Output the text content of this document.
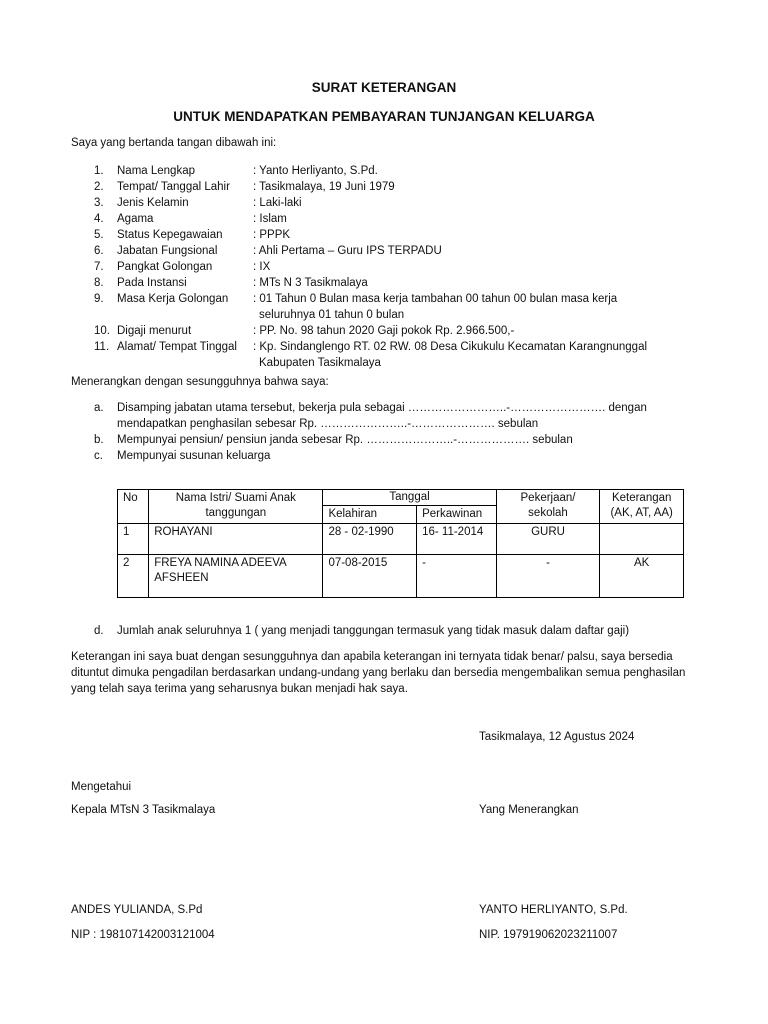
SURAT KETERANGAN
UNTUK MENDAPATKAN PEMBAYARAN TUNJANGAN KELUARGA
Saya yang bertanda tangan dibawah ini:
1.	Nama Lengkap	: Yanto Herliyanto, S.Pd.
2.	Tempat/ Tanggal Lahir : Tasikmalaya, 19 Juni 1979
3.	Jenis Kelamin	: Laki-laki
4.	Agama	: Islam
5.	Status Kepegawaian	: PPPK
6.	Jabatan Fungsional	: Ahli Pertama – Guru IPS TERPADU
7.	Pangkat Golongan	: IX
8.	Pada Instansi	: MTs N 3 Tasikmalaya
9.	Masa Kerja Golongan : 01 Tahun 0 Bulan masa kerja tambahan 00 tahun 00 bulan masa kerja
seluruhnya 01 tahun 0 bulan
10. Digaji menurut	: PP. No. 98 tahun 2020 Gaji pokok Rp. 2.966.500,-
11. Alamat/ Tempat Tinggal : Kp. Sindanglengo RT. 02 RW. 08 Desa Cikukulu Kecamatan Karangnunggal
Kabupaten Tasikmalaya
Menerangkan dengan sesungguhnya bahwa saya:
a.	Disamping jabatan utama tersebut, bekerja pula sebagai ……………………..-……………………. dengan
mendapatkan penghasilan sebesar Rp. …………………..-…………………. sebulan
b.	Mempunyai pensiun/ pensiun janda sebesar Rp. …………………..-………………. sebulan
c.	Mempunyai susunan keluarga
No	Nama Istri/ Suami Anak tanggungan	Tanggal		Pekerjaan/ sekolah	Keterangan (AK, AT, AA)
		Kelahiran	Perkawinan		
1	ROHAYANI	28 - 02-1990	16- 11-2014	GURU	
2	FREYA NAMINA ADEEVA AFSHEEN	07-08-2015	-	-	AK
d. Jumlah anak seluruhnya 1 ( yang menjadi tanggungan termasuk yang tidak masuk dalam daftar gaji)
Keterangan ini saya buat dengan sesungguhnya dan apabila keterangan ini ternyata tidak benar/ palsu, saya bersedia dituntut dimuka pengadilan berdasarkan undang-undang yang berlaku dan bersedia mengembalikan semua penghasilan yang telah saya terima yang seharusnya bukan menjadi hak saya.
Tasikmalaya, 12 Agustus 2024
Mengetahui
Kepala MTsN 3 Tasikmalaya	Yang Menerangkan
ANDES YULIANDA, S.Pd	YANTO HERLIYANTO, S.Pd.
NIP : 198107142003121004	NIP. 197919062023211007
